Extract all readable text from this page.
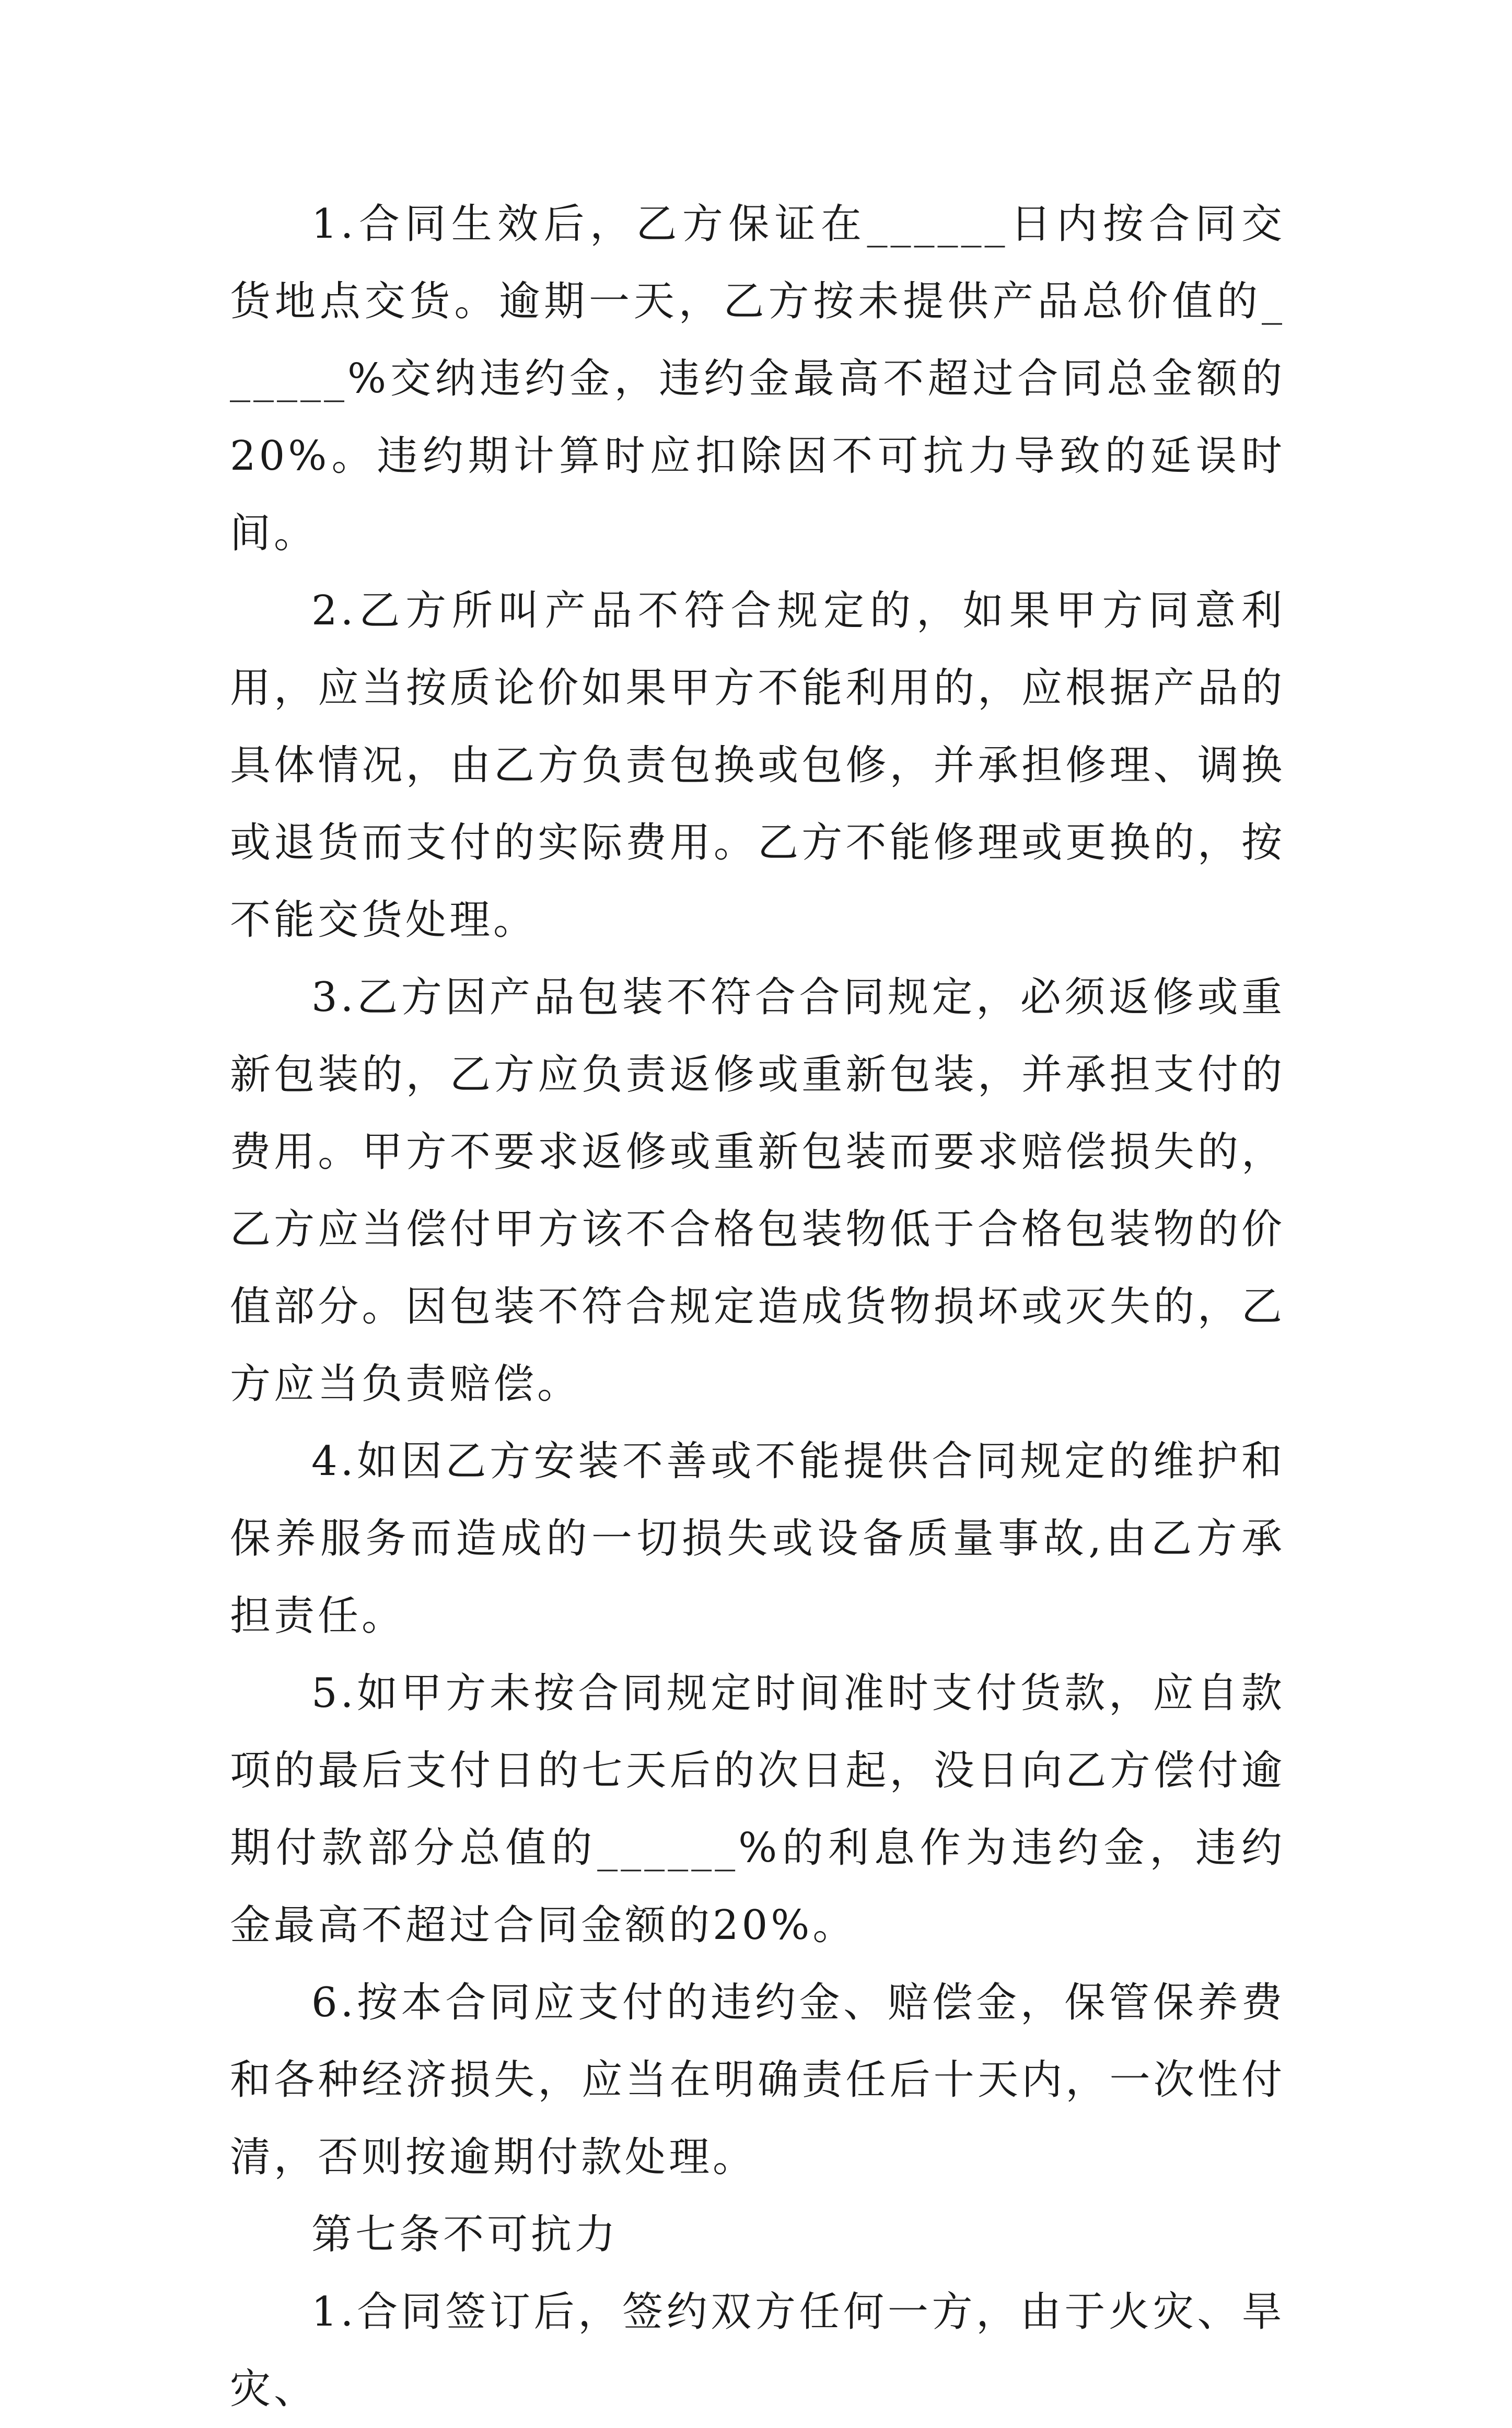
1.合同生效后，乙方保证在______日内按合同交货地点交货。逾期一天，乙方按未提供产品总价值的______%交纳违约金，违约金最高不超过合同总金额的20%。违约期计算时应扣除因不可抗力导致的延误时间。

2.乙方所叫产品不符合规定的，如果甲方同意利用，应当按质论价如果甲方不能利用的，应根据产品的具体情况，由乙方负责包换或包修，并承担修理、调换或退货而支付的实际费用。乙方不能修理或更换的，按不能交货处理。

3.乙方因产品包装不符合合同规定，必须返修或重新包装的，乙方应负责返修或重新包装，并承担支付的费用。甲方不要求返修或重新包装而要求赔偿损失的，乙方应当偿付甲方该不合格包装物低于合格包装物的价值部分。因包装不符合规定造成货物损坏或灭失的，乙方应当负责赔偿。

4.如因乙方安装不善或不能提供合同规定的维护和保养服务而造成的一切损失或设备质量事故,由乙方承担责任。

5.如甲方未按合同规定时间准时支付货款，应自款项的最后支付日的七天后的次日起，没日向乙方偿付逾期付款部分总值的______%的利息作为违约金，违约金最高不超过合同金额的20%。

6.按本合同应支付的违约金、赔偿金，保管保养费和各种经济损失，应当在明确责任后十天内，一次性付清，否则按逾期付款处理。

第七条不可抗力

1.合同签订后，签约双方任何一方，由于火灾、旱灾、
